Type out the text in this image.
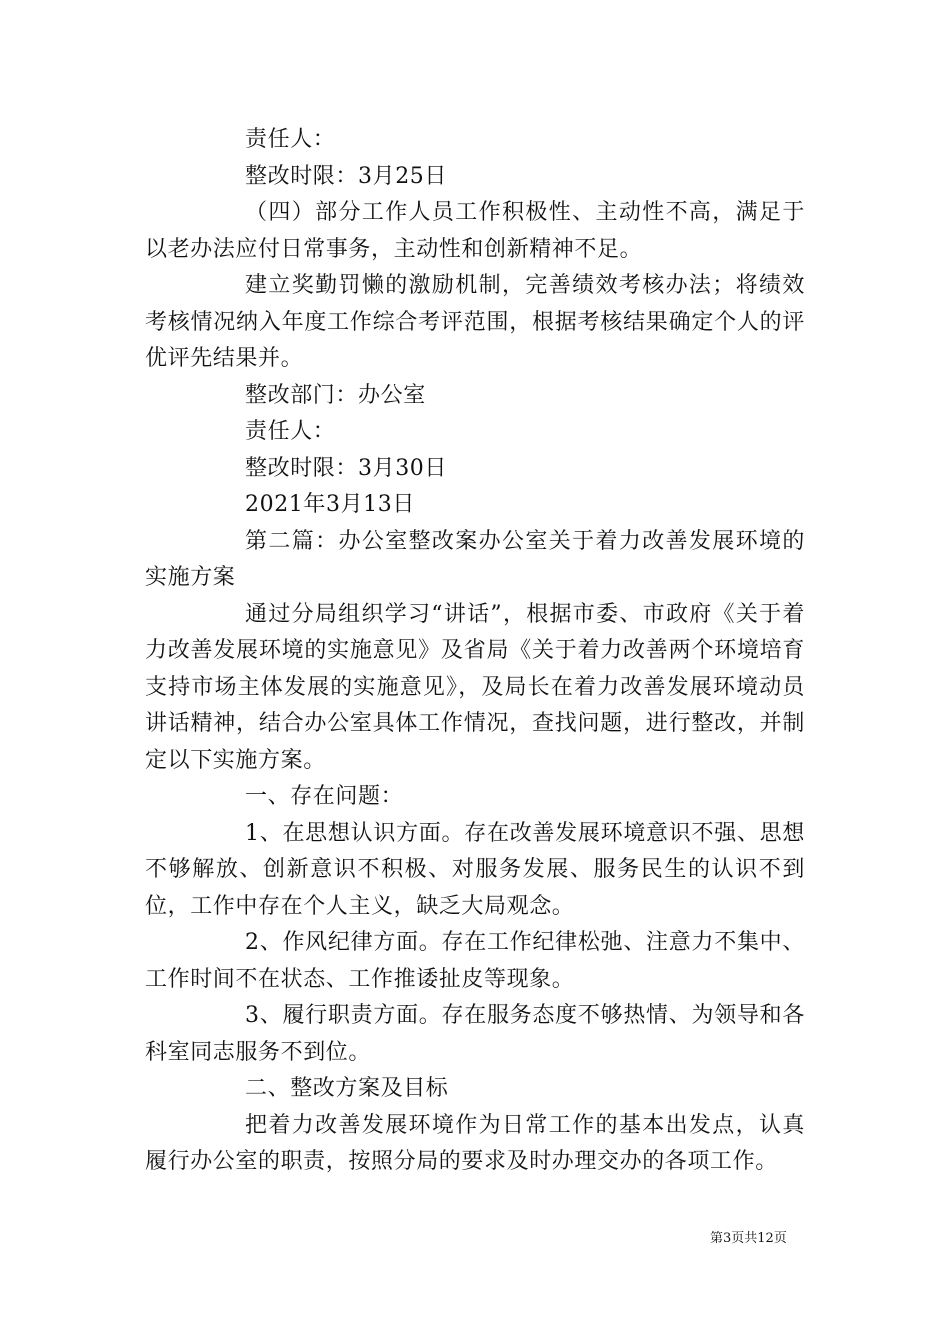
责任人：

整改时限：3月25日

（四）部分工作人员工作积极性、主动性不高，满足于以老办法应付日常事务，主动性和创新精神不足。

建立奖勤罚懒的激励机制，完善绩效考核办法；将绩效考核情况纳入年度工作综合考评范围，根据考核结果确定个人的评优评先结果并。

整改部门：办公室

责任人：

整改时限：3月30日

2021年3月13日

第二篇：办公室整改案办公室关于着力改善发展环境的实施方案

通过分局组织学习“讲话”，根据市委、市政府《关于着力改善发展环境的实施意见》及省局《关于着力改善两个环境培育支持市场主体发展的实施意见》，及局长在着力改善发展环境动员讲话精神，结合办公室具体工作情况，查找问题，进行整改，并制定以下实施方案。

一、存在问题：

1、在思想认识方面。存在改善发展环境意识不强、思想不够解放、创新意识不积极、对服务发展、服务民生的认识不到位，工作中存在个人主义，缺乏大局观念。

2、作风纪律方面。存在工作纪律松弛、注意力不集中、工作时间不在状态、工作推诿扯皮等现象。

3、履行职责方面。存在服务态度不够热情、为领导和各科室同志服务不到位。

二、整改方案及目标

把着力改善发展环境作为日常工作的基本出发点，认真履行办公室的职责，按照分局的要求及时办理交办的各项工作。

第3页共12页
